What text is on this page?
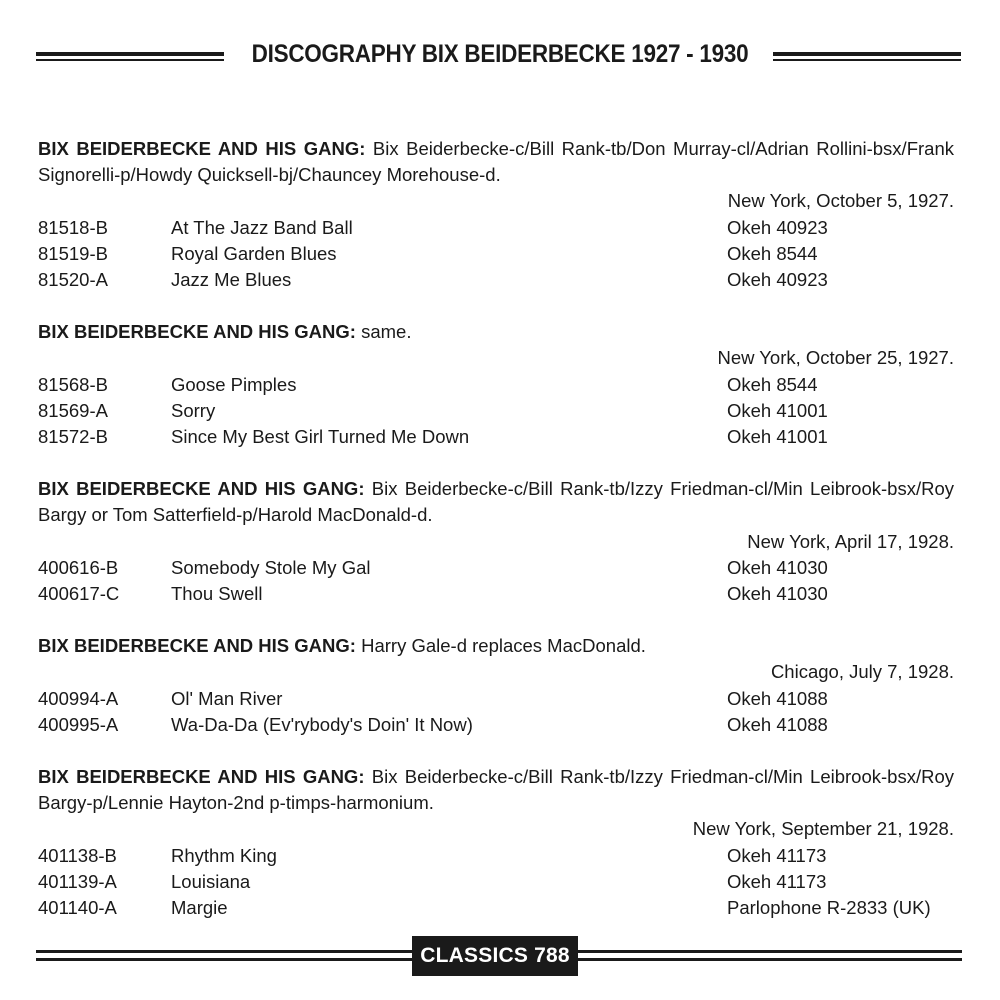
DISCOGRAPHY BIX BEIDERBECKE 1927 - 1930
BIX BEIDERBECKE AND HIS GANG: Bix Beiderbecke-c/Bill Rank-tb/Don Murray-cl/Adrian Rollini-bsx/Frank Signorelli-p/Howdy Quicksell-bj/Chauncey Morehouse-d.
New York, October 5, 1927.
81518-B	At The Jazz Band Ball	Okeh 40923
81519-B	Royal Garden Blues	Okeh 8544
81520-A	Jazz Me Blues	Okeh 40923
BIX BEIDERBECKE AND HIS GANG: same.
New York, October 25, 1927.
81568-B	Goose Pimples	Okeh 8544
81569-A	Sorry	Okeh 41001
81572-B	Since My Best Girl Turned Me Down	Okeh 41001
BIX BEIDERBECKE AND HIS GANG: Bix Beiderbecke-c/Bill Rank-tb/Izzy Friedman-cl/Min Leibrook-bsx/Roy Bargy or Tom Satterfield-p/Harold MacDonald-d.
New York, April 17, 1928.
400616-B	Somebody Stole My Gal	Okeh 41030
400617-C	Thou Swell	Okeh 41030
BIX BEIDERBECKE AND HIS GANG: Harry Gale-d replaces MacDonald.
Chicago, July 7, 1928.
400994-A	Ol' Man River	Okeh 41088
400995-A	Wa-Da-Da (Ev'rybody's Doin' It Now)	Okeh 41088
BIX BEIDERBECKE AND HIS GANG: Bix Beiderbecke-c/Bill Rank-tb/Izzy Friedman-cl/Min Leibrook-bsx/Roy Bargy-p/Lennie Hayton-2nd p-timps-harmonium.
New York, September 21, 1928.
401138-B	Rhythm King	Okeh 41173
401139-A	Louisiana	Okeh 41173
401140-A	Margie	Parlophone R-2833 (UK)
CLASSICS 788
